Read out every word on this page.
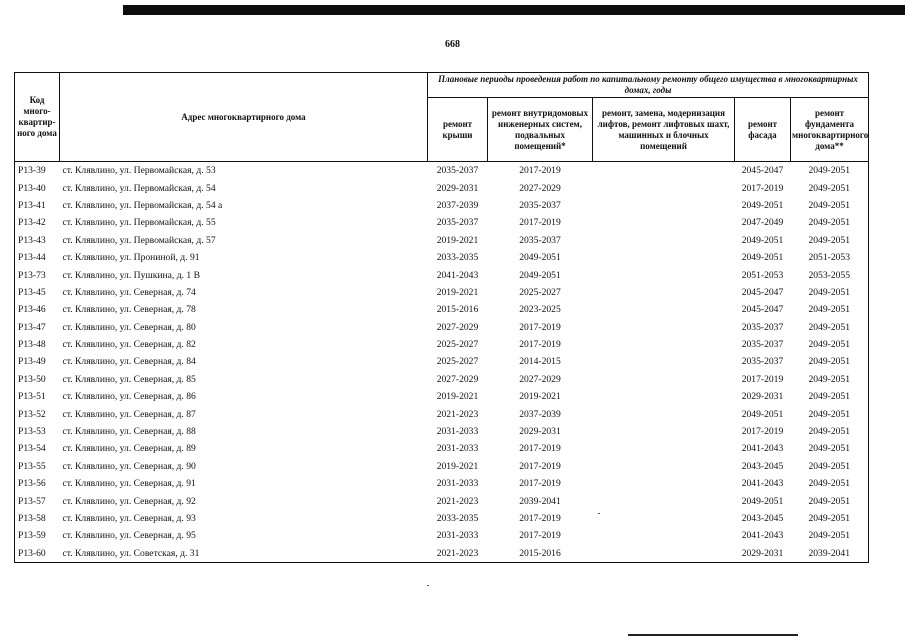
668
Код много-квартир-ного дома	Адрес многоквартирного дома	Плановые периоды проведения работ по капитальному ремонту общего имущества в многоквартирных домах, годы				
		ремонт крыши	ремонт внутридомовых инженерных систем, подвальных помещений*	ремонт, замена, модернизация лифтов, ремонт лифтовых шахт, машинных и блочных помещений	ремонт фасада	ремонт фундамента многоквартирного дома**
Р13-39	ст. Клявлино, ул. Первомайская, д. 53	2035-2037	2017-2019		2045-2047	2049-2051
Р13-40	ст. Клявлино, ул. Первомайская, д. 54	2029-2031	2027-2029		2017-2019	2049-2051
Р13-41	ст. Клявлино, ул. Первомайская, д. 54 а	2037-2039	2035-2037		2049-2051	2049-2051
Р13-42	ст. Клявлино, ул. Первомайская, д. 55	2035-2037	2017-2019		2047-2049	2049-2051
Р13-43	ст. Клявлино, ул. Первомайская, д. 57	2019-2021	2035-2037		2049-2051	2049-2051
Р13-44	ст. Клявлино, ул. Прониной, д. 91	2033-2035	2049-2051		2049-2051	2051-2053
Р13-73	ст. Клявлино, ул. Пушкина, д. 1 В	2041-2043	2049-2051		2051-2053	2053-2055
Р13-45	ст. Клявлино, ул. Северная, д. 74	2019-2021	2025-2027		2045-2047	2049-2051
Р13-46	ст. Клявлино, ул. Северная, д. 78	2015-2016	2023-2025		2045-2047	2049-2051
Р13-47	ст. Клявлино, ул. Северная, д. 80	2027-2029	2017-2019		2035-2037	2049-2051
Р13-48	ст. Клявлино, ул. Северная, д. 82	2025-2027	2017-2019		2035-2037	2049-2051
Р13-49	ст. Клявлино, ул. Северная, д. 84	2025-2027	2014-2015		2035-2037	2049-2051
Р13-50	ст. Клявлино, ул. Северная, д. 85	2027-2029	2027-2029		2017-2019	2049-2051
Р13-51	ст. Клявлино, ул. Северная, д. 86	2019-2021	2019-2021		2029-2031	2049-2051
Р13-52	ст. Клявлино, ул. Северная, д. 87	2021-2023	2037-2039		2049-2051	2049-2051
Р13-53	ст. Клявлино, ул. Северная, д. 88	2031-2033	2029-2031		2017-2019	2049-2051
Р13-54	ст. Клявлино, ул. Северная, д. 89	2031-2033	2017-2019		2041-2043	2049-2051
Р13-55	ст. Клявлино, ул. Северная, д. 90	2019-2021	2017-2019		2043-2045	2049-2051
Р13-56	ст. Клявлино, ул. Северная, д. 91	2031-2033	2017-2019		2041-2043	2049-2051
Р13-57	ст. Клявлино, ул. Северная, д. 92	2021-2023	2039-2041		2049-2051	2049-2051
Р13-58	ст. Клявлино, ул. Северная, д. 93	2033-2035	2017-2019		2043-2045	2049-2051
Р13-59	ст. Клявлино, ул. Северная, д. 95	2031-2033	2017-2019		2041-2043	2049-2051
Р13-60	ст. Клявлино, ул. Советская, д. 31	2021-2023	2015-2016		2029-2031	2039-2041
